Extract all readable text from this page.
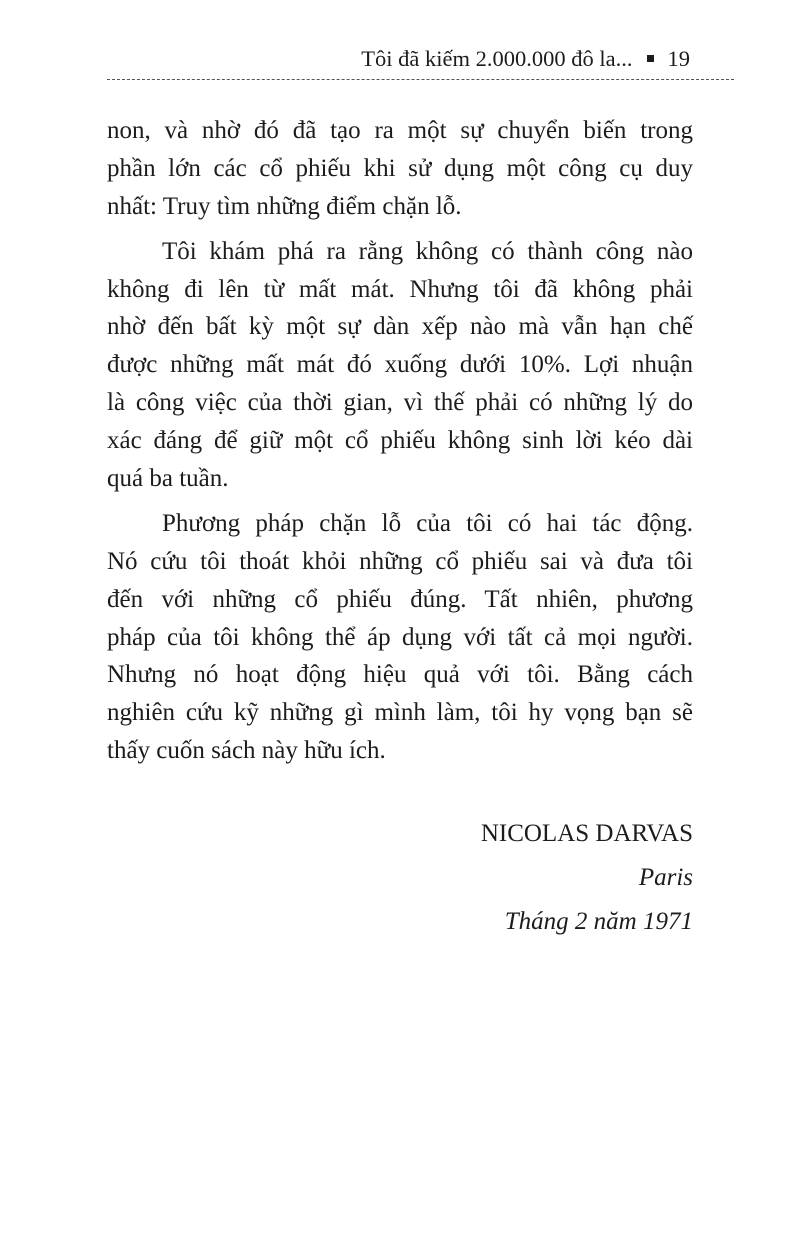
Tôi đã kiếm 2.000.000 đô la... 19
non, và nhờ đó đã tạo ra một sự chuyển biến trong
phần lớn các cổ phiếu khi sử dụng một công cụ duy
nhất: Truy tìm những điểm chặn lỗ.
Tôi khám phá ra rằng không có thành công nào
không đi lên từ mất mát. Nhưng tôi đã không phải
nhờ đến bất kỳ một sự dàn xếp nào mà vẫn hạn chế
được những mất mát đó xuống dưới 10%. Lợi nhuận
là công việc của thời gian, vì thế phải có những lý do
xác đáng để giữ một cổ phiếu không sinh lời kéo dài
quá ba tuần.
Phương pháp chặn lỗ của tôi có hai tác động.
Nó cứu tôi thoát khỏi những cổ phiếu sai và đưa tôi
đến với những cổ phiếu đúng. Tất nhiên, phương
pháp của tôi không thể áp dụng với tất cả mọi người.
Nhưng nó hoạt động hiệu quả với tôi. Bằng cách
nghiên cứu kỹ những gì mình làm, tôi hy vọng bạn sẽ
thấy cuốn sách này hữu ích.
NICOLAS DARVAS
Paris
Tháng 2 năm 1971
